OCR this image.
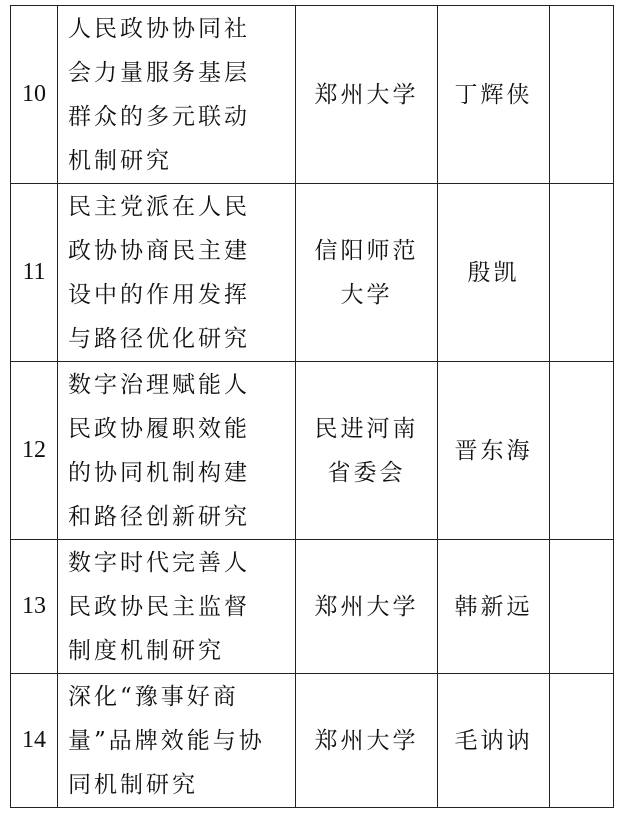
10	人民政协协同社
会力量服务基层
群众的多元联动
机制研究	郑州大学	丁辉侠	
11	民主党派在人民
政协协商民主建
设中的作用发挥
与路径优化研究	信阳师范
大学	殷凯	
12	数字治理赋能人
民政协履职效能
的协同机制构建
和路径创新研究	民进河南
省委会	晋东海	
13	数字时代完善人
民政协民主监督
制度机制研究	郑州大学	韩新远	
14	深化“豫事好商
量”品牌效能与协
同机制研究	郑州大学	毛讷讷	
